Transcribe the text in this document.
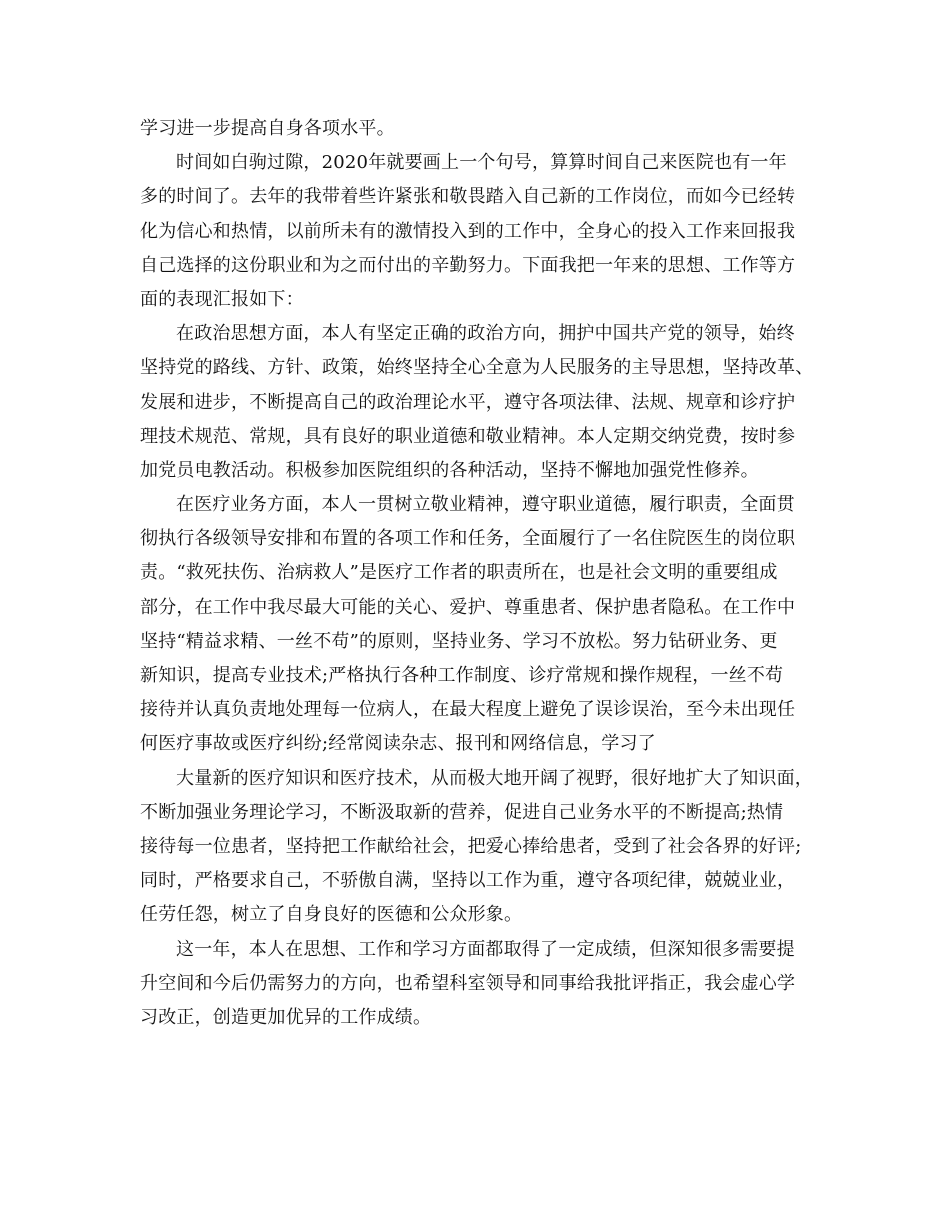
学习进一步提高自身各项水平。
时间如白驹过隙，2020年就要画上一个句号，算算时间自己来医院也有一年
多的时间了。去年的我带着些许紧张和敬畏踏入自己新的工作岗位，而如今已经转
化为信心和热情，以前所未有的激情投入到的工作中，全身心的投入工作来回报我
自己选择的这份职业和为之而付出的辛勤努力。下面我把一年来的思想、工作等方
面的表现汇报如下：
在政治思想方面，本人有坚定正确的政治方向，拥护中国共产党的领导，始终
坚持党的路线、方针、政策，始终坚持全心全意为人民服务的主导思想，坚持改革、
发展和进步，不断提高自己的政治理论水平，遵守各项法律、法规、规章和诊疗护
理技术规范、常规，具有良好的职业道德和敬业精神。本人定期交纳党费，按时参
加党员电教活动。积极参加医院组织的各种活动，坚持不懈地加强党性修养。
在医疗业务方面，本人一贯树立敬业精神，遵守职业道德，履行职责，全面贯
彻执行各级领导安排和布置的各项工作和任务，全面履行了一名住院医生的岗位职
责。“救死扶伤、治病救人”是医疗工作者的职责所在，也是社会文明的重要组成
部分，在工作中我尽最大可能的关心、爱护、尊重患者、保护患者隐私。在工作中
坚持“精益求精、一丝不苟”的原则，坚持业务、学习不放松。努力钻研业务、更
新知识，提高专业技术;严格执行各种工作制度、诊疗常规和操作规程，一丝不苟
接待并认真负责地处理每一位病人，在最大程度上避免了误诊误治，至今未出现任
何医疗事故或医疗纠纷;经常阅读杂志、报刊和网络信息，学习了
大量新的医疗知识和医疗技术，从而极大地开阔了视野，很好地扩大了知识面，
不断加强业务理论学习，不断汲取新的营养，促进自己业务水平的不断提高;热情
接待每一位患者，坚持把工作献给社会，把爱心捧给患者，受到了社会各界的好评;
同时，严格要求自己，不骄傲自满，坚持以工作为重，遵守各项纪律，兢兢业业，
任劳任怨，树立了自身良好的医德和公众形象。
这一年，本人在思想、工作和学习方面都取得了一定成绩，但深知很多需要提
升空间和今后仍需努力的方向，也希望科室领导和同事给我批评指正，我会虚心学
习改正，创造更加优异的工作成绩。
